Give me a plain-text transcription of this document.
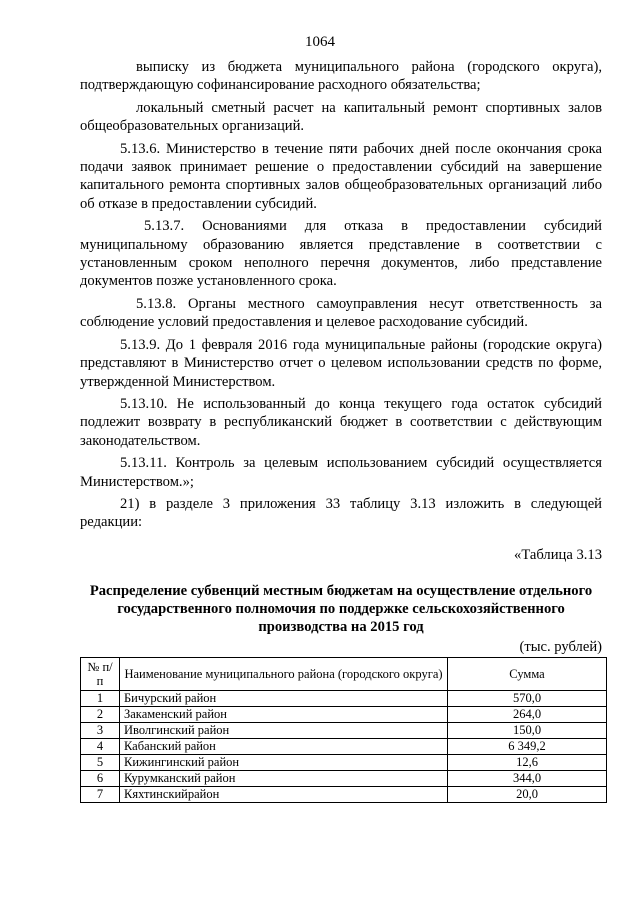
1064

выписку из бюджета муниципального района (городского округа), подтверждающую софинансирование расходного обязательства;

локальный сметный расчет на капитальный ремонт спортивных залов общеобразовательных организаций.

5.13.6. Министерство в течение пяти рабочих дней после окончания срока подачи заявок принимает решение о предоставлении субсидий на завершение капитального ремонта спортивных залов общеобразовательных организаций либо об отказе в предоставлении субсидий.

5.13.7. Основаниями для отказа в предоставлении субсидий муниципальному образованию является представление в соответствии с установленным сроком неполного перечня документов, либо представление документов позже установленного срока.

5.13.8. Органы местного самоуправления несут ответственность за соблюдение условий предоставления и целевое расходование субсидий.

5.13.9. До 1 февраля 2016 года муниципальные районы (городские округа) представляют в Министерство отчет о целевом использовании средств по форме, утвержденной Министерством.

5.13.10. Не использованный до конца текущего года остаток субсидий подлежит возврату в республиканский бюджет в соответствии с действующим законодательством.

5.13.11. Контроль за целевым использованием субсидий осуществляется Министерством.»;

21) в разделе 3 приложения 33 таблицу 3.13 изложить в следующей редакции:

«Таблица 3.13
Распределение субвенций местным бюджетам на осуществление отдельного государственного полномочия по поддержке сельскохозяйственного производства на 2015 год
(тыс. рублей)
№ п/п	Наименование муниципального района (городского округа)	Сумма
1	Бичурский район	570,0
2	Закаменский район	264,0
3	Иволгинский район	150,0
4	Кабанский район	6 349,2
5	Кижингинский район	12,6
6	Курумканский район	344,0
7	Кяхтинскийрайон	20,0
